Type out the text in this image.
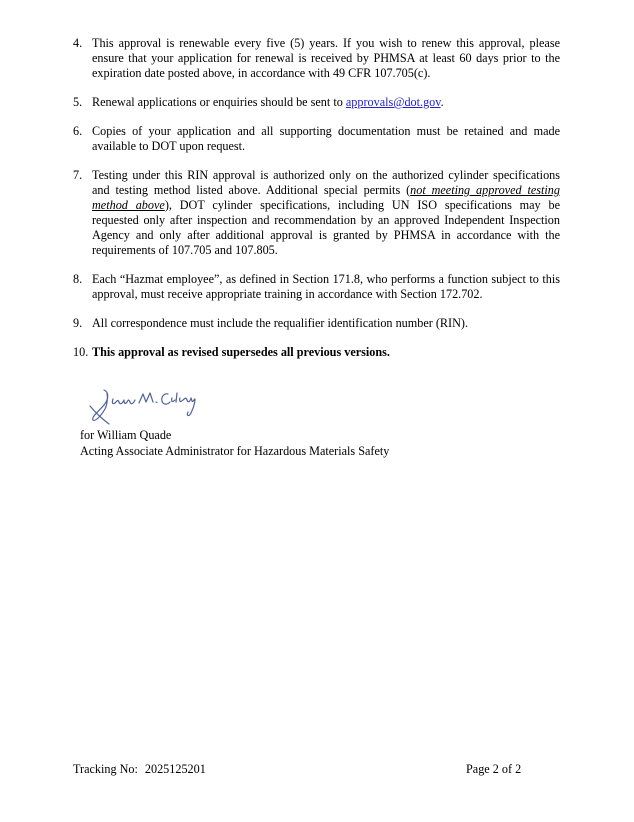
4. This approval is renewable every five (5) years. If you wish to renew this approval, please ensure that your application for renewal is received by PHMSA at least 60 days prior to the expiration date posted above, in accordance with 49 CFR 107.705(c).
5. Renewal applications or enquiries should be sent to approvals@dot.gov.
6. Copies of your application and all supporting documentation must be retained and made available to DOT upon request.
7. Testing under this RIN approval is authorized only on the authorized cylinder specifications and testing method listed above. Additional special permits (not meeting approved testing method above), DOT cylinder specifications, including UN ISO specifications may be requested only after inspection and recommendation by an approved Independent Inspection Agency and only after additional approval is granted by PHMSA in accordance with the requirements of 107.705 and 107.805.
8. Each “Hazmat employee”, as defined in Section 171.8, who performs a function subject to this approval, must receive appropriate training in accordance with Section 172.702.
9. All correspondence must include the requalifier identification number (RIN).
10. This approval as revised supersedes all previous versions.
for William Quade
Acting Associate Administrator for Hazardous Materials Safety
Tracking No: 2025125201	Page 2 of 2
